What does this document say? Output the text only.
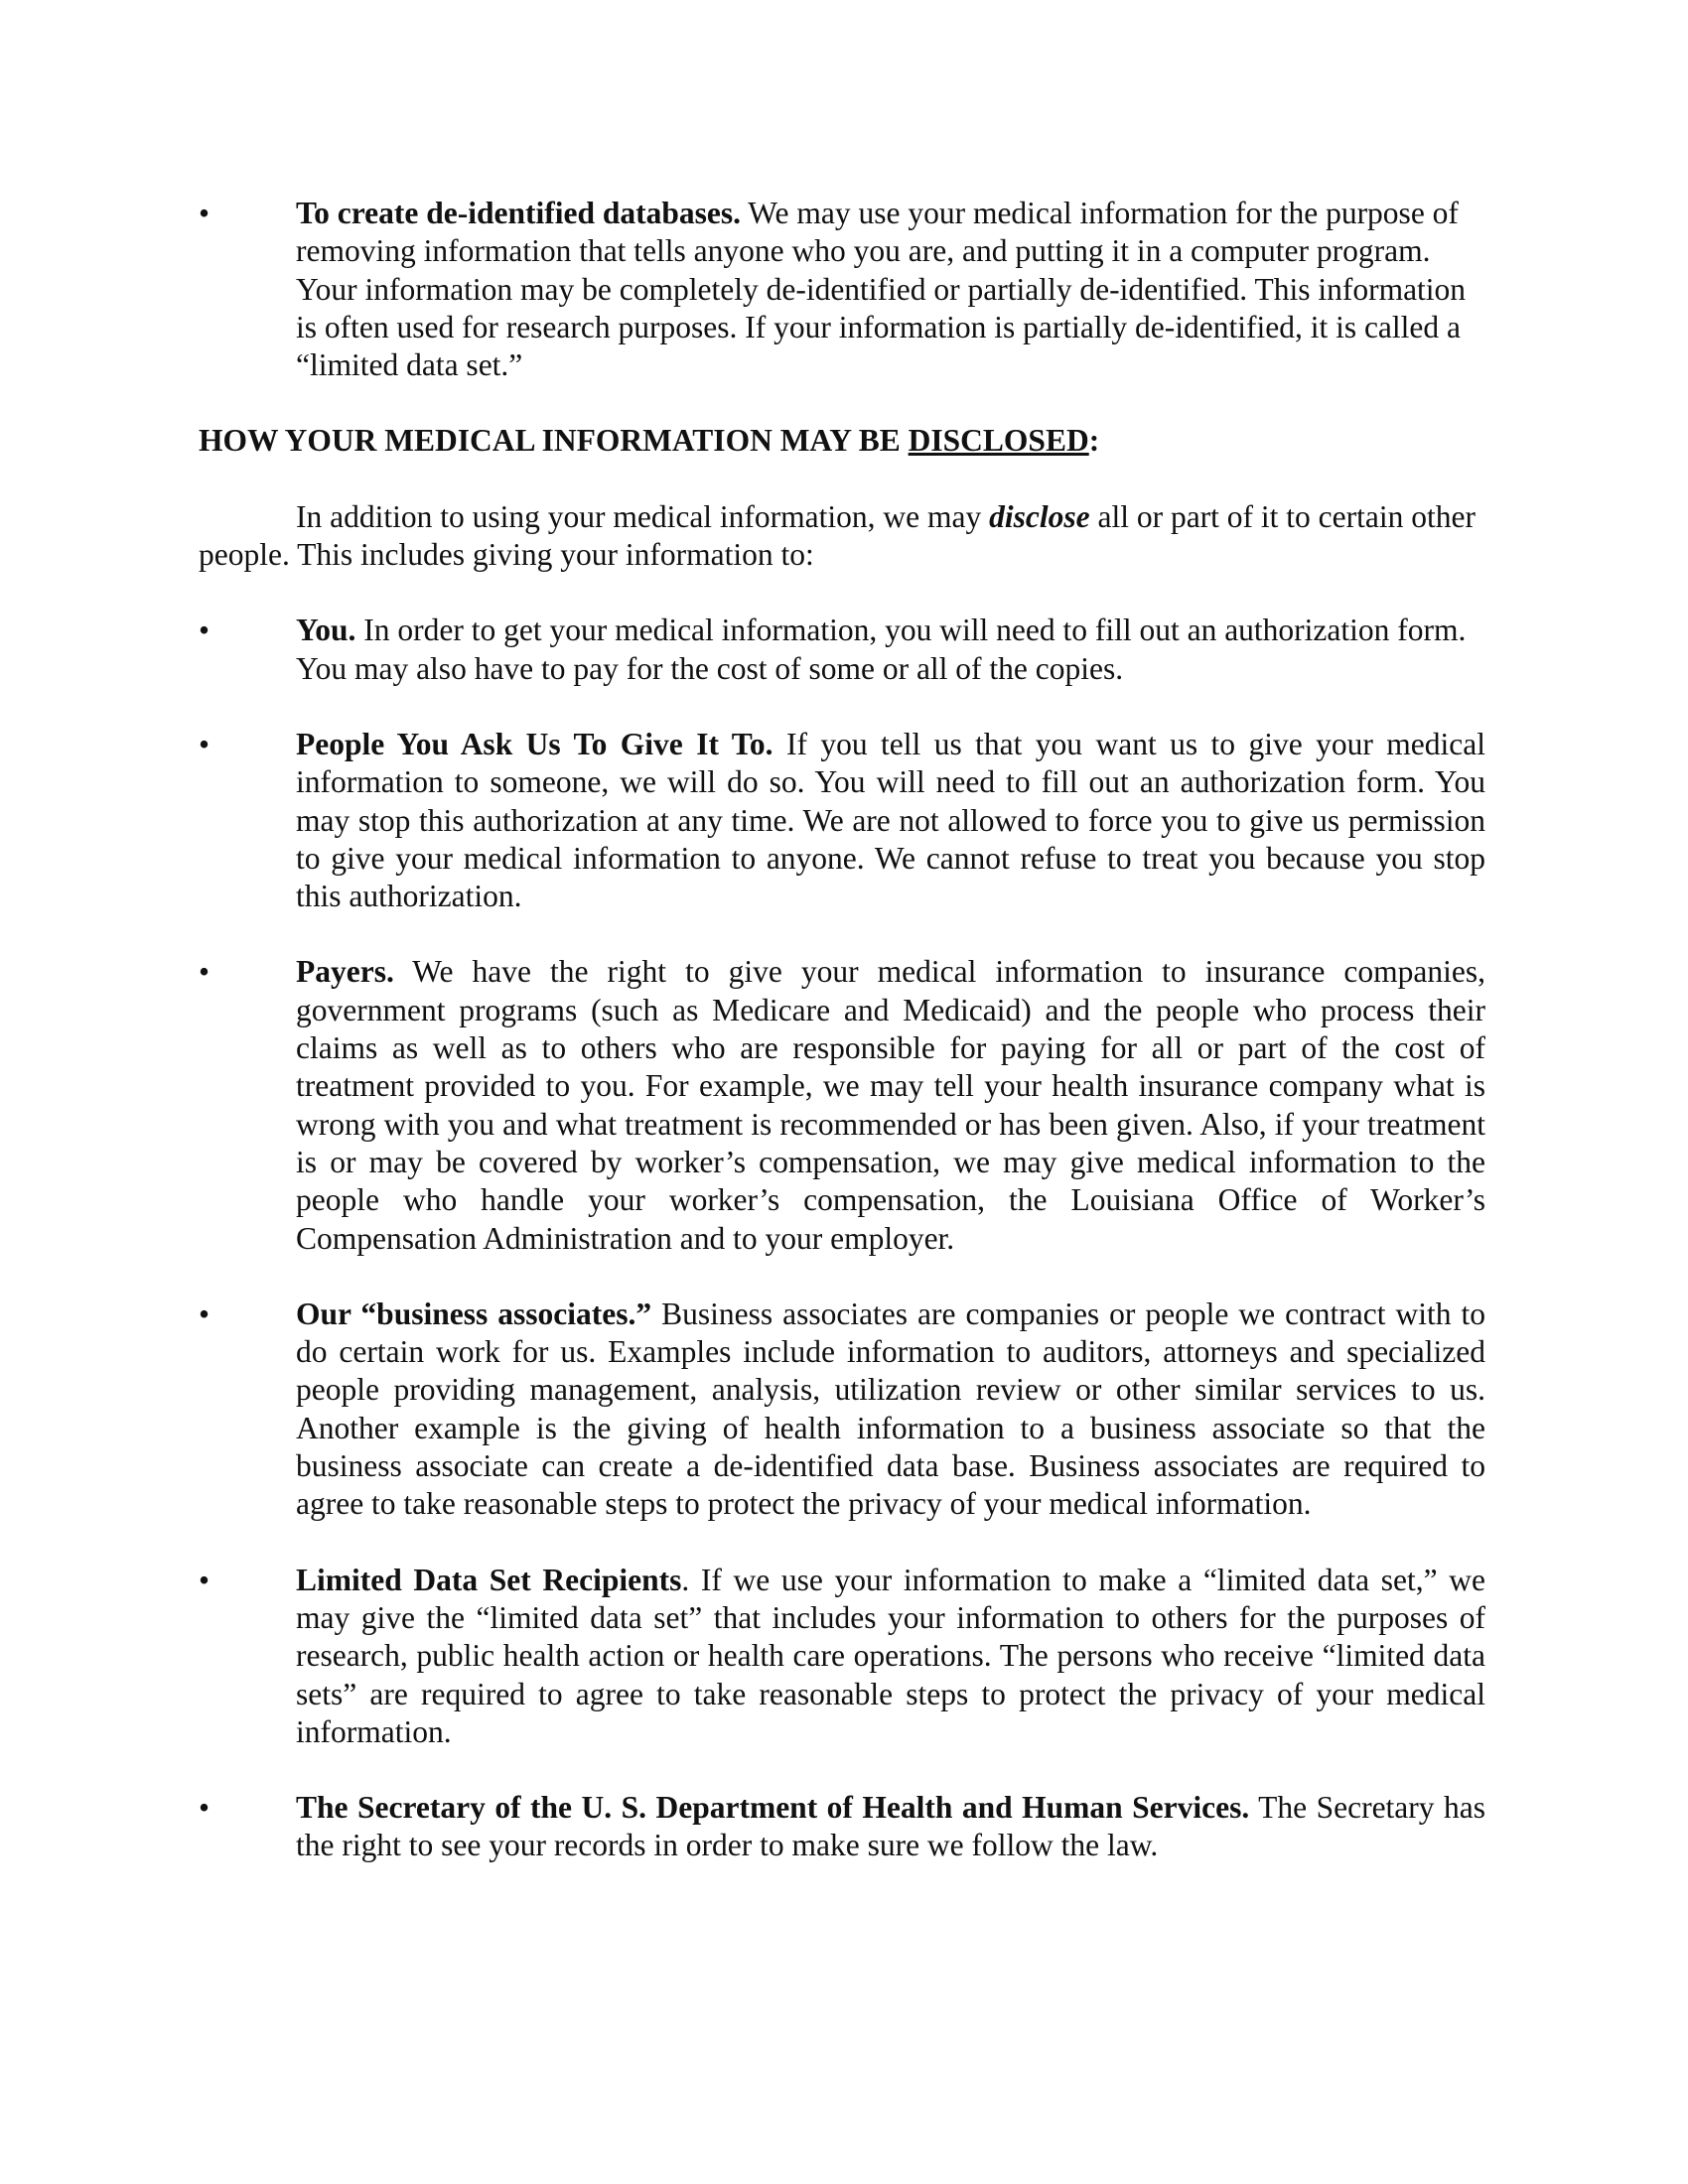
•	To create de-identified databases. We may use your medical information for the purpose of removing information that tells anyone who you are, and putting it in a computer program. Your information may be completely de-identified or partially de-identified. This information is often used for research purposes. If your information is partially de-identified, it is called a “limited data set.”
HOW YOUR MEDICAL INFORMATION MAY BE DISCLOSED:
In addition to using your medical information, we may disclose all or part of it to certain other people. This includes giving your information to:
•	You. In order to get your medical information, you will need to fill out an authorization form. You may also have to pay for the cost of some or all of the copies.
•	People You Ask Us To Give It To. If you tell us that you want us to give your medical information to someone, we will do so. You will need to fill out an authorization form. You may stop this authorization at any time. We are not allowed to force you to give us permission to give your medical information to anyone. We cannot refuse to treat you because you stop this authorization.
•	Payers. We have the right to give your medical information to insurance companies, government programs (such as Medicare and Medicaid) and the people who process their claims as well as to others who are responsible for paying for all or part of the cost of treatment provided to you. For example, we may tell your health insurance company what is wrong with you and what treatment is recommended or has been given. Also, if your treatment is or may be covered by worker’s compensation, we may give medical information to the people who handle your worker’s compensation, the Louisiana Office of Worker’s Compensation Administration and to your employer.
•	Our “business associates.” Business associates are companies or people we contract with to do certain work for us. Examples include information to auditors, attorneys and specialized people providing management, analysis, utilization review or other similar services to us. Another example is the giving of health information to a business associate so that the business associate can create a de-identified data base. Business associates are required to agree to take reasonable steps to protect the privacy of your medical information.
•	Limited Data Set Recipients. If we use your information to make a “limited data set,” we may give the “limited data set” that includes your information to others for the purposes of research, public health action or health care operations. The persons who receive “limited data sets” are required to agree to take reasonable steps to protect the privacy of your medical information.
•	The Secretary of the U. S. Department of Health and Human Services. The Secretary has the right to see your records in order to make sure we follow the law.
